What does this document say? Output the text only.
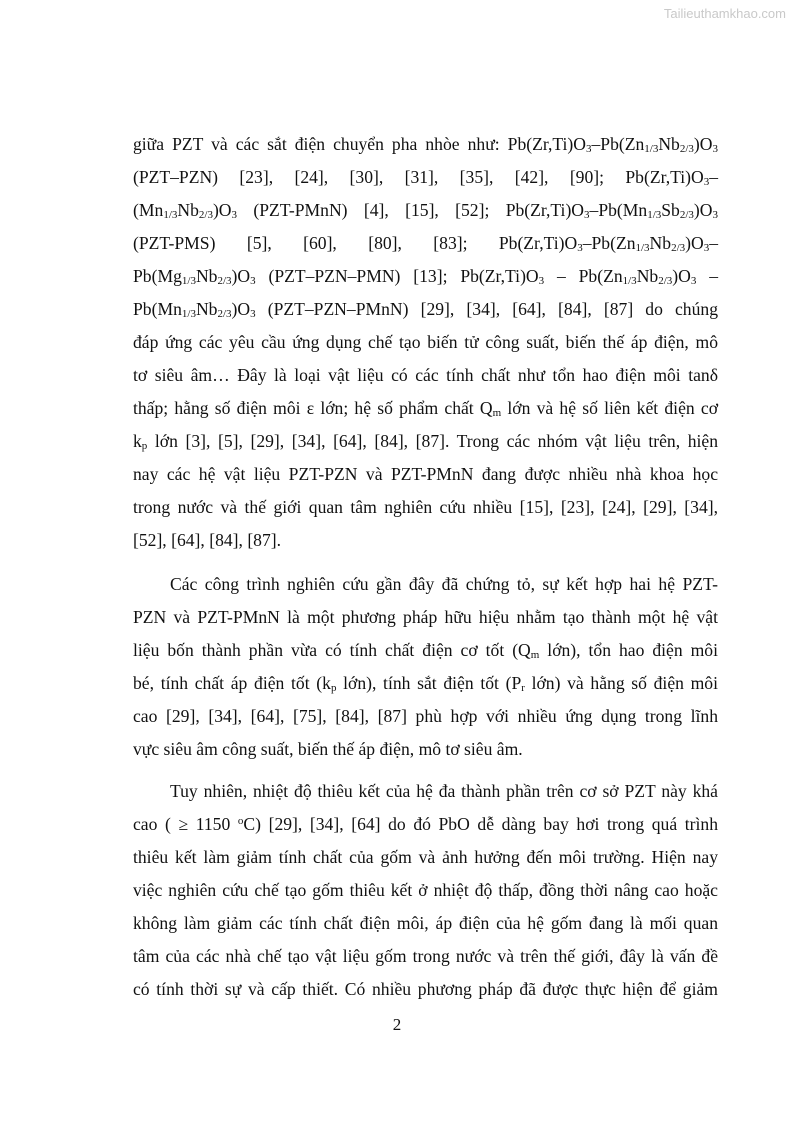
Tailieuthamkhao.com
giữa PZT và các sắt điện chuyển pha nhòe như: $Pb(Zr,Ti)O_3-Pb(Zn_{1/3}Nb_{2/3})O_3$
(PZT–PZN) [23], [24], [30], [31], [35], [42], [90]; $Pb(Zr,Ti)O_3-$
$(Mn_{1/3}Nb_{2/3})O_3$ (PZT-PMnN) [4], [15], [52]; $Pb(Zr,Ti)O_3-Pb(Mn_{1/3}Sb_{2/3})O_3$
(PZT-PMS) [5], [60], [80], [83]; $Pb(Zr,Ti)O_3-Pb(Zn_{1/3}Nb_{2/3})O_3-$
$Pb(Mg_{1/3}Nb_{2/3})O_3$ (PZT–PZN–PMN) [13]; $Pb(Zr,Ti)O_3 - Pb(Zn_{1/3}Nb_{2/3})O_3$ –
$Pb(Mn_{1/3}Nb_{2/3})O_3$ (PZT–PZN–PMnN) [29], [34], [64], [84], [87] do chúng
đáp ứng các yêu cầu ứng dụng chế tạo biến tử công suất, biến thế áp điện, mô
tơ siêu âm… Đây là loại vật liệu có các tính chất như tổn hao điện môi tanδ
thấp; hằng số điện môi ε lớn; hệ số phẩm chất $Q_m$ lớn và hệ số liên kết điện cơ
$k_p$ lớn [3], [5], [29], [34], [64], [84], [87]. Trong các nhóm vật liệu trên, hiện
nay các hệ vật liệu PZT-PZN và PZT-PMnN đang được nhiều nhà khoa học
trong nước và thế giới quan tâm nghiên cứu nhiều [15], [23], [24], [29], [34],
[52], [64], [84], [87].
Các công trình nghiên cứu gần đây đã chứng tỏ, sự kết hợp hai hệ PZT-
PZN và PZT-PMnN là một phương pháp hữu hiệu nhằm tạo thành một hệ vật
liệu bốn thành phần vừa có tính chất điện cơ tốt ($Q_m$ lớn), tổn hao điện môi
bé, tính chất áp điện tốt ($k_p$ lớn), tính sắt điện tốt ($P_r$ lớn) và hằng số điện môi
cao [29], [34], [64], [75], [84], [87] phù hợp với nhiều ứng dụng trong lĩnh
vực siêu âm công suất, biến thế áp điện, mô tơ siêu âm.
Tuy nhiên, nhiệt độ thiêu kết của hệ đa thành phần trên cơ sở PZT này khá
cao ( ≥ 1150 $^o$C) [29], [34], [64] do đó PbO dễ dàng bay hơi trong quá trình
thiêu kết làm giảm tính chất của gốm và ảnh hưởng đến môi trường. Hiện nay
việc nghiên cứu chế tạo gốm thiêu kết ở nhiệt độ thấp, đồng thời nâng cao hoặc
không làm giảm các tính chất điện môi, áp điện của hệ gốm đang là mối quan
tâm của các nhà chế tạo vật liệu gốm trong nước và trên thế giới, đây là vấn đề
có tính thời sự và cấp thiết. Có nhiều phương pháp đã được thực hiện để giảm
2
